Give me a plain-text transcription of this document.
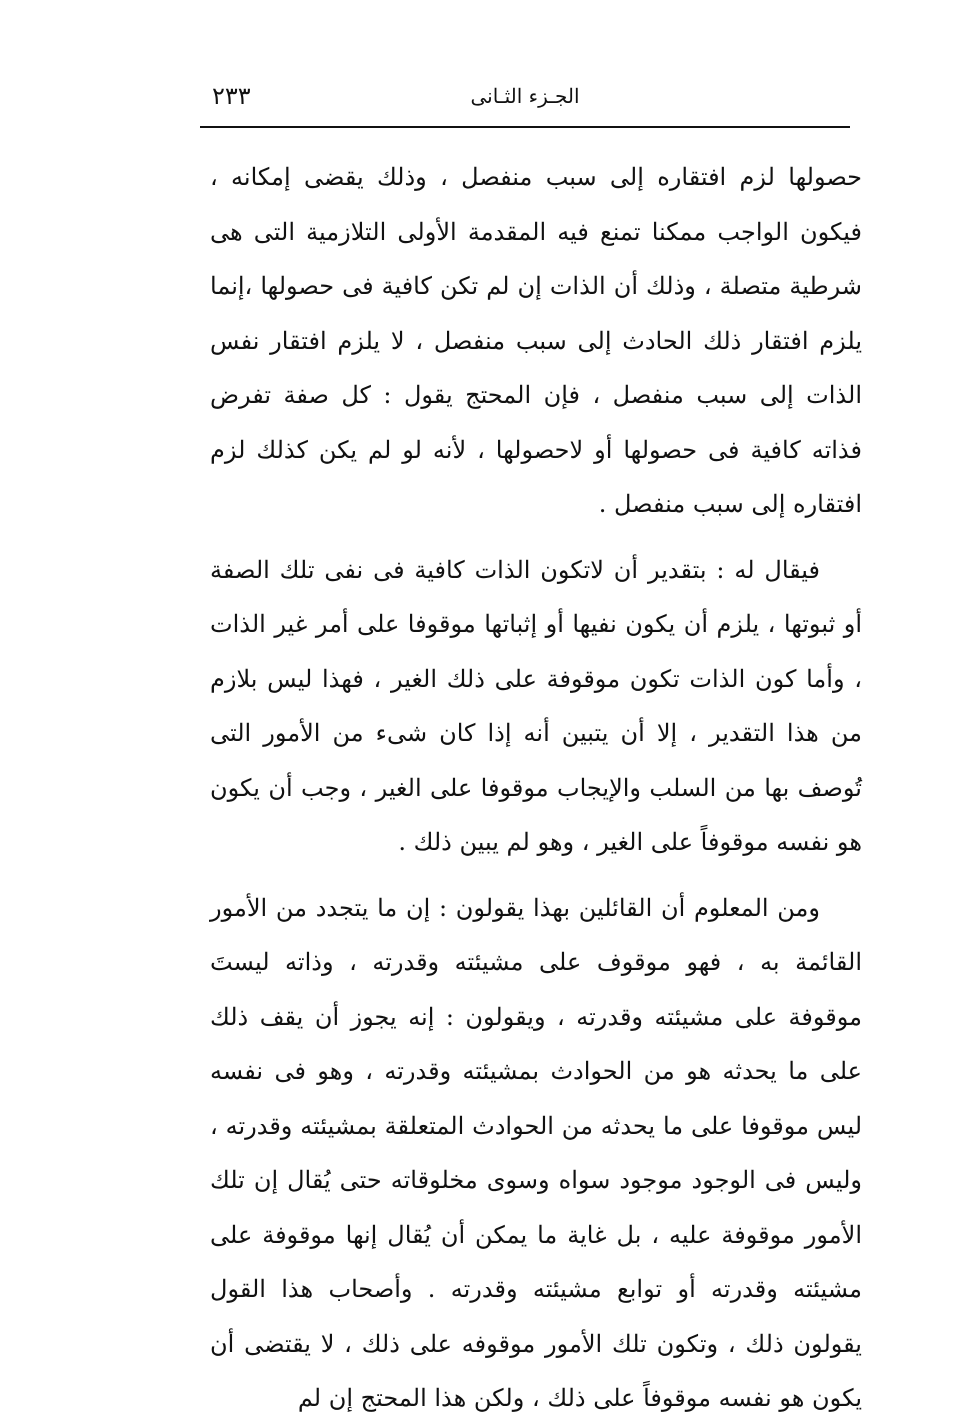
٢٣٣	الجـزء الثـانى

حصولها لزم افتقاره إلى سبب منفصل ، وذلك يقضى إمكانه ، فيكون الواجب ممكنا تمنع فيه المقدمة الأولى التلازمية التى هى شرطية متصلة ، وذلك أن الذات إن لم تكن كافية فى حصولها ،إنما يلزم افتقار ذلك الحادث إلى سبب منفصل ، لا يلزم افتقار نفس الذات إلى سبب منفصل ، فإن المحتج يقول : كل صفة تفرض فذاته كافية فى حصولها أو لاحصولها ، لأنه لو لم يكن كذلك لزم افتقاره إلى سبب منفصل .

فيقال له : بتقدير أن لاتكون الذات كافية فى نفى تلك الصفة أو ثبوتها ، يلزم أن يكون نفيها أو إثباتها موقوفا على أمر غير الذات ، وأما كون الذات تكون موقوفة على ذلك الغير ، فهذا ليس بلازم من هذا التقدير ، إلا أن يتبين أنه إذا كان شىء من الأمور التى تُوصف بها من السلب والإيجاب موقوفا على الغير ، وجب أن يكون هو نفسه موقوفاً على الغير ، وهو لم يبين ذلك .

ومن المعلوم أن القائلين بهذا يقولون : إن ما يتجدد من الأمور القائمة به ، فهو موقوف على مشيئته وقدرته ، وذاته ليستَ موقوفة على مشيئته وقدرته ، ويقولون : إنه يجوز أن يقف ذلك على ما يحدثه هو من الحوادث بمشيئته وقدرته ، وهو فى نفسه ليس موقوفا على ما يحدثه من الحوادث المتعلقة بمشيئته وقدرته ، وليس فى الوجود موجود سواه وسوى مخلوقاته حتى يُقال إن تلك الأمور موقوفة عليه ، بل غاية ما يمكن أن يُقال إنها موقوفة على مشيئته وقدرته أو توابع مشيئته وقدرته . وأصحاب هذا القول يقولون ذلك ، وتكون تلك الأمور موقوفه على ذلك ، لا يقتضى أن يكون هو نفسه موقوفاً على ذلك ، ولكن هذا المحتج إن لم
